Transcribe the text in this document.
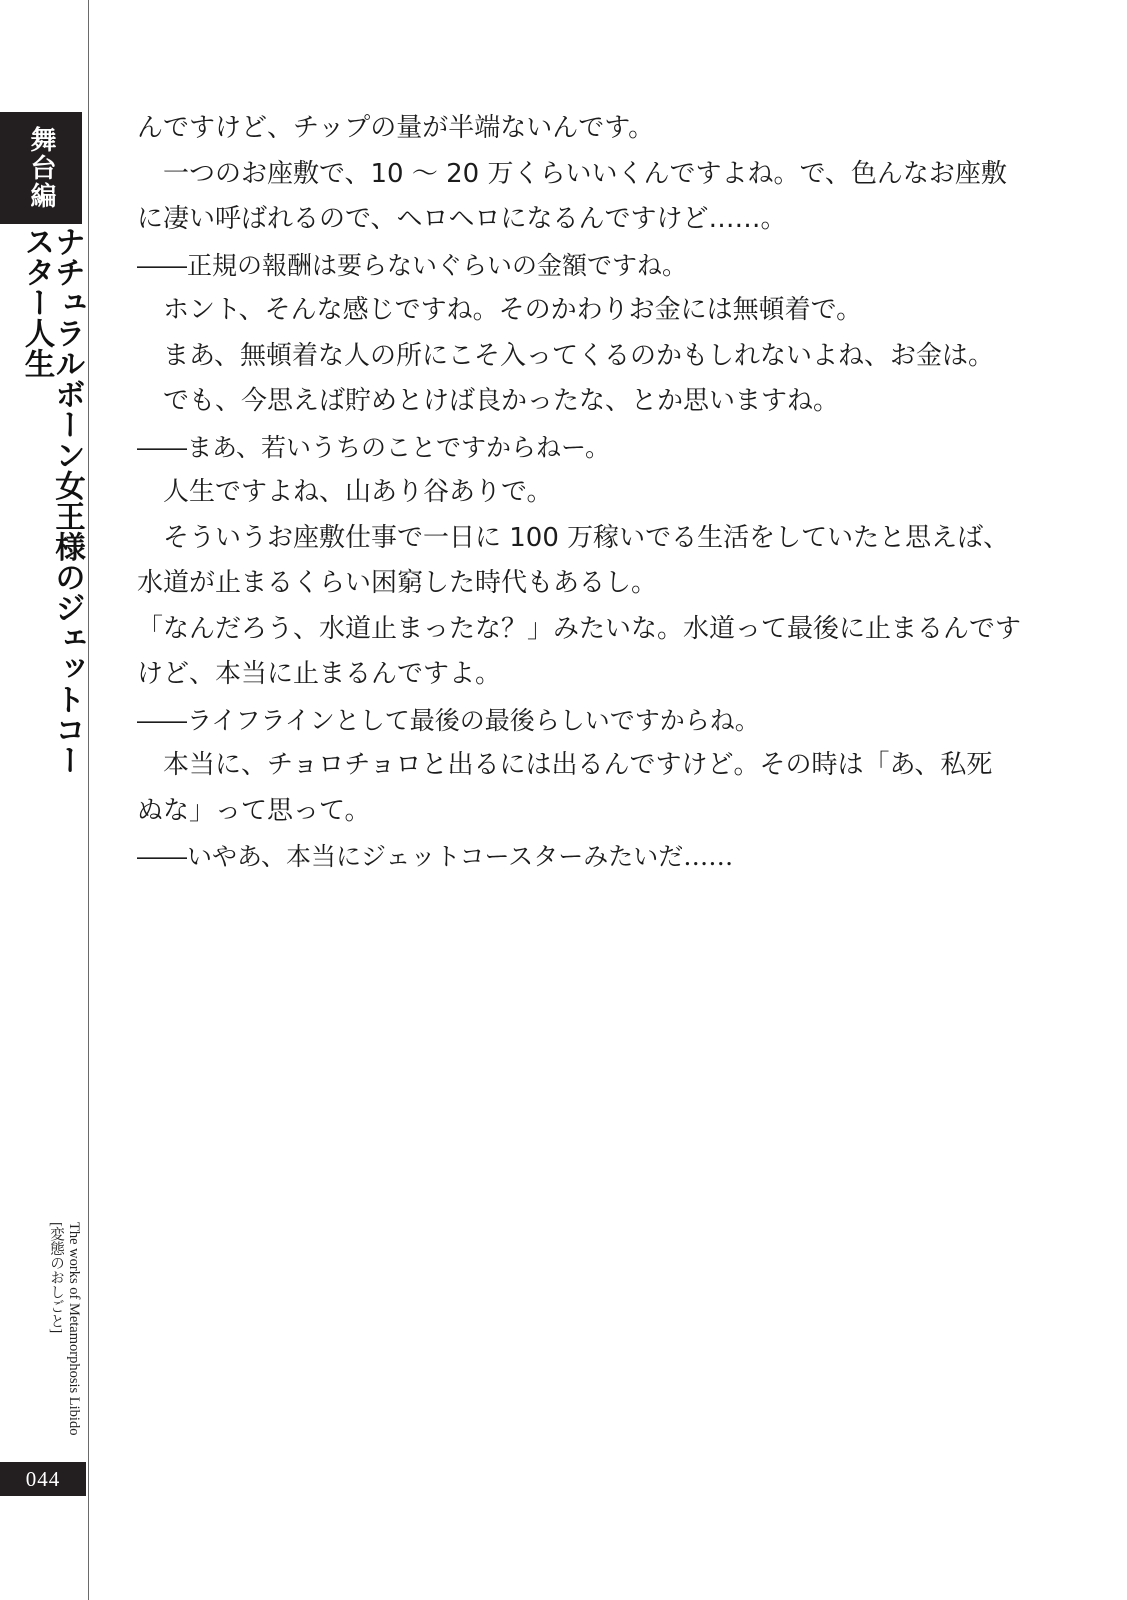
舞台編
ナチュラルボーン女王様のジェットコースター人生
The works of Metamorphosis Libido
[変態のおしごと]
044
んですけど、チップの量が半端ないんです。
　一つのお座敷で、10 ～ 20 万くらいいくんですよね。で、色んなお座敷
に凄い呼ばれるので、ヘロヘロになるんですけど……。
――正規の報酬は要らないぐらいの金額ですね。
　ホント、そんな感じですね。そのかわりお金には無頓着で。
　まあ、無頓着な人の所にこそ入ってくるのかもしれないよね、お金は。
　でも、今思えば貯めとけば良かったな、とか思いますね。
――まあ、若いうちのことですからねー。
　人生ですよね、山あり谷ありで。
　そういうお座敷仕事で一日に 100 万稼いでる生活をしていたと思えば、
水道が止まるくらい困窮した時代もあるし。
「なんだろう、水道止まったな？」みたいな。水道って最後に止まるんです
けど、本当に止まるんですよ。
――ライフラインとして最後の最後らしいですからね。
　本当に、チョロチョロと出るには出るんですけど。その時は「あ、私死
ぬな」って思って。
――いやあ、本当にジェットコースターみたいだ……
